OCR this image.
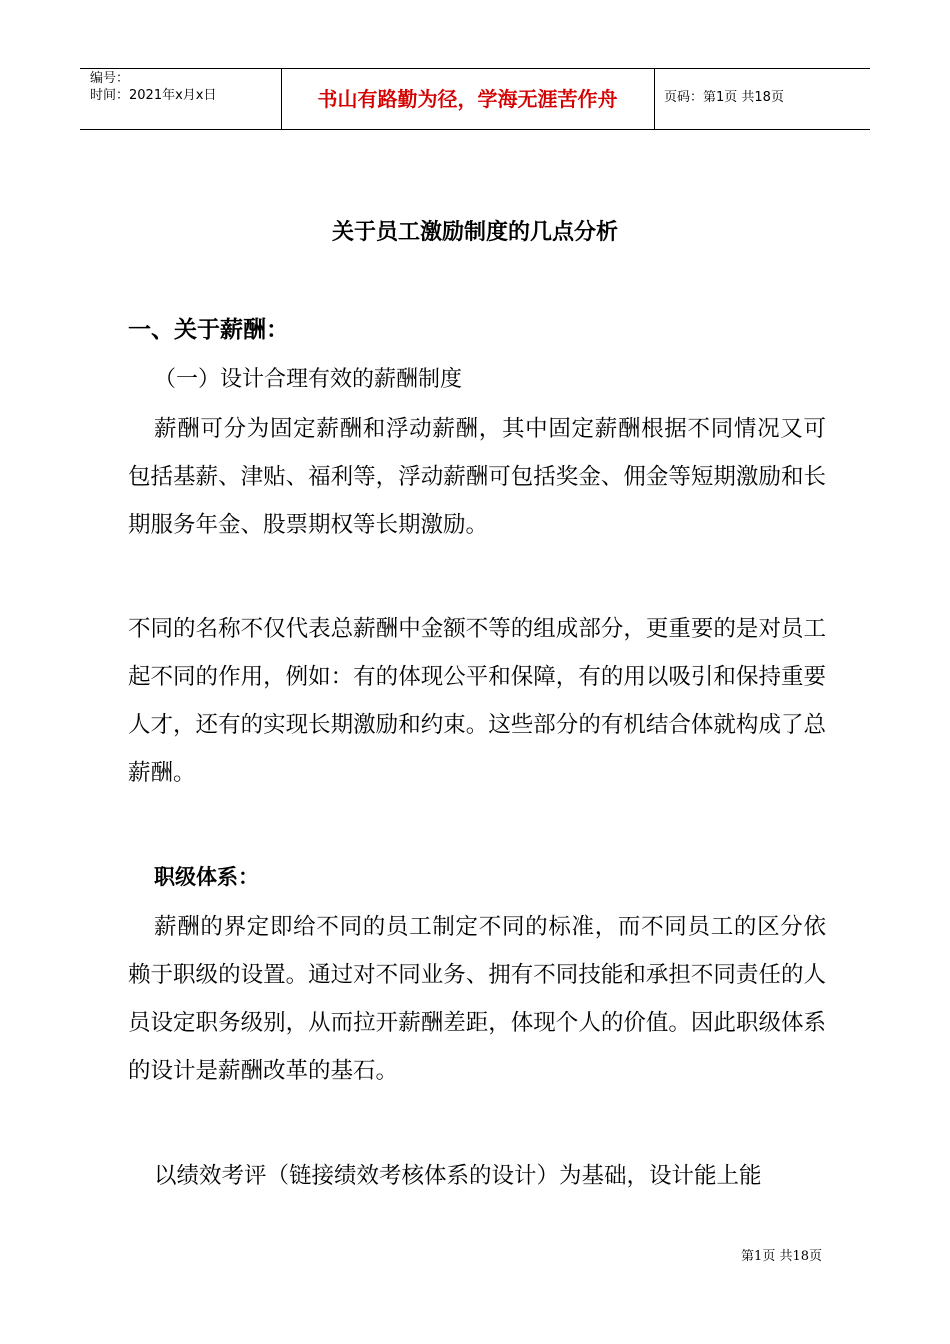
编号：
时间：2021年x月x日	书山有路勤为径，学海无涯苦作舟	页码：第1页 共18页
关于员工激励制度的几点分析
一、关于薪酬：
（一）设计合理有效的薪酬制度

薪酬可分为固定薪酬和浮动薪酬，其中固定薪酬根据不同情况又可包括基薪、津贴、福利等，浮动薪酬可包括奖金、佣金等短期激励和长期服务年金、股票期权等长期激励。

不同的名称不仅代表总薪酬中金额不等的组成部分，更重要的是对员工起不同的作用，例如：有的体现公平和保障，有的用以吸引和保持重要人才，还有的实现长期激励和约束。这些部分的有机结合体就构成了总薪酬。

职级体系：

薪酬的界定即给不同的员工制定不同的标准，而不同员工的区分依赖于职级的设置。通过对不同业务、拥有不同技能和承担不同责任的人员设定职务级别，从而拉开薪酬差距，体现个人的价值。因此职级体系的设计是薪酬改革的基石。

以绩效考评（链接绩效考核体系的设计）为基础，设计能上能

第1页 共18页
